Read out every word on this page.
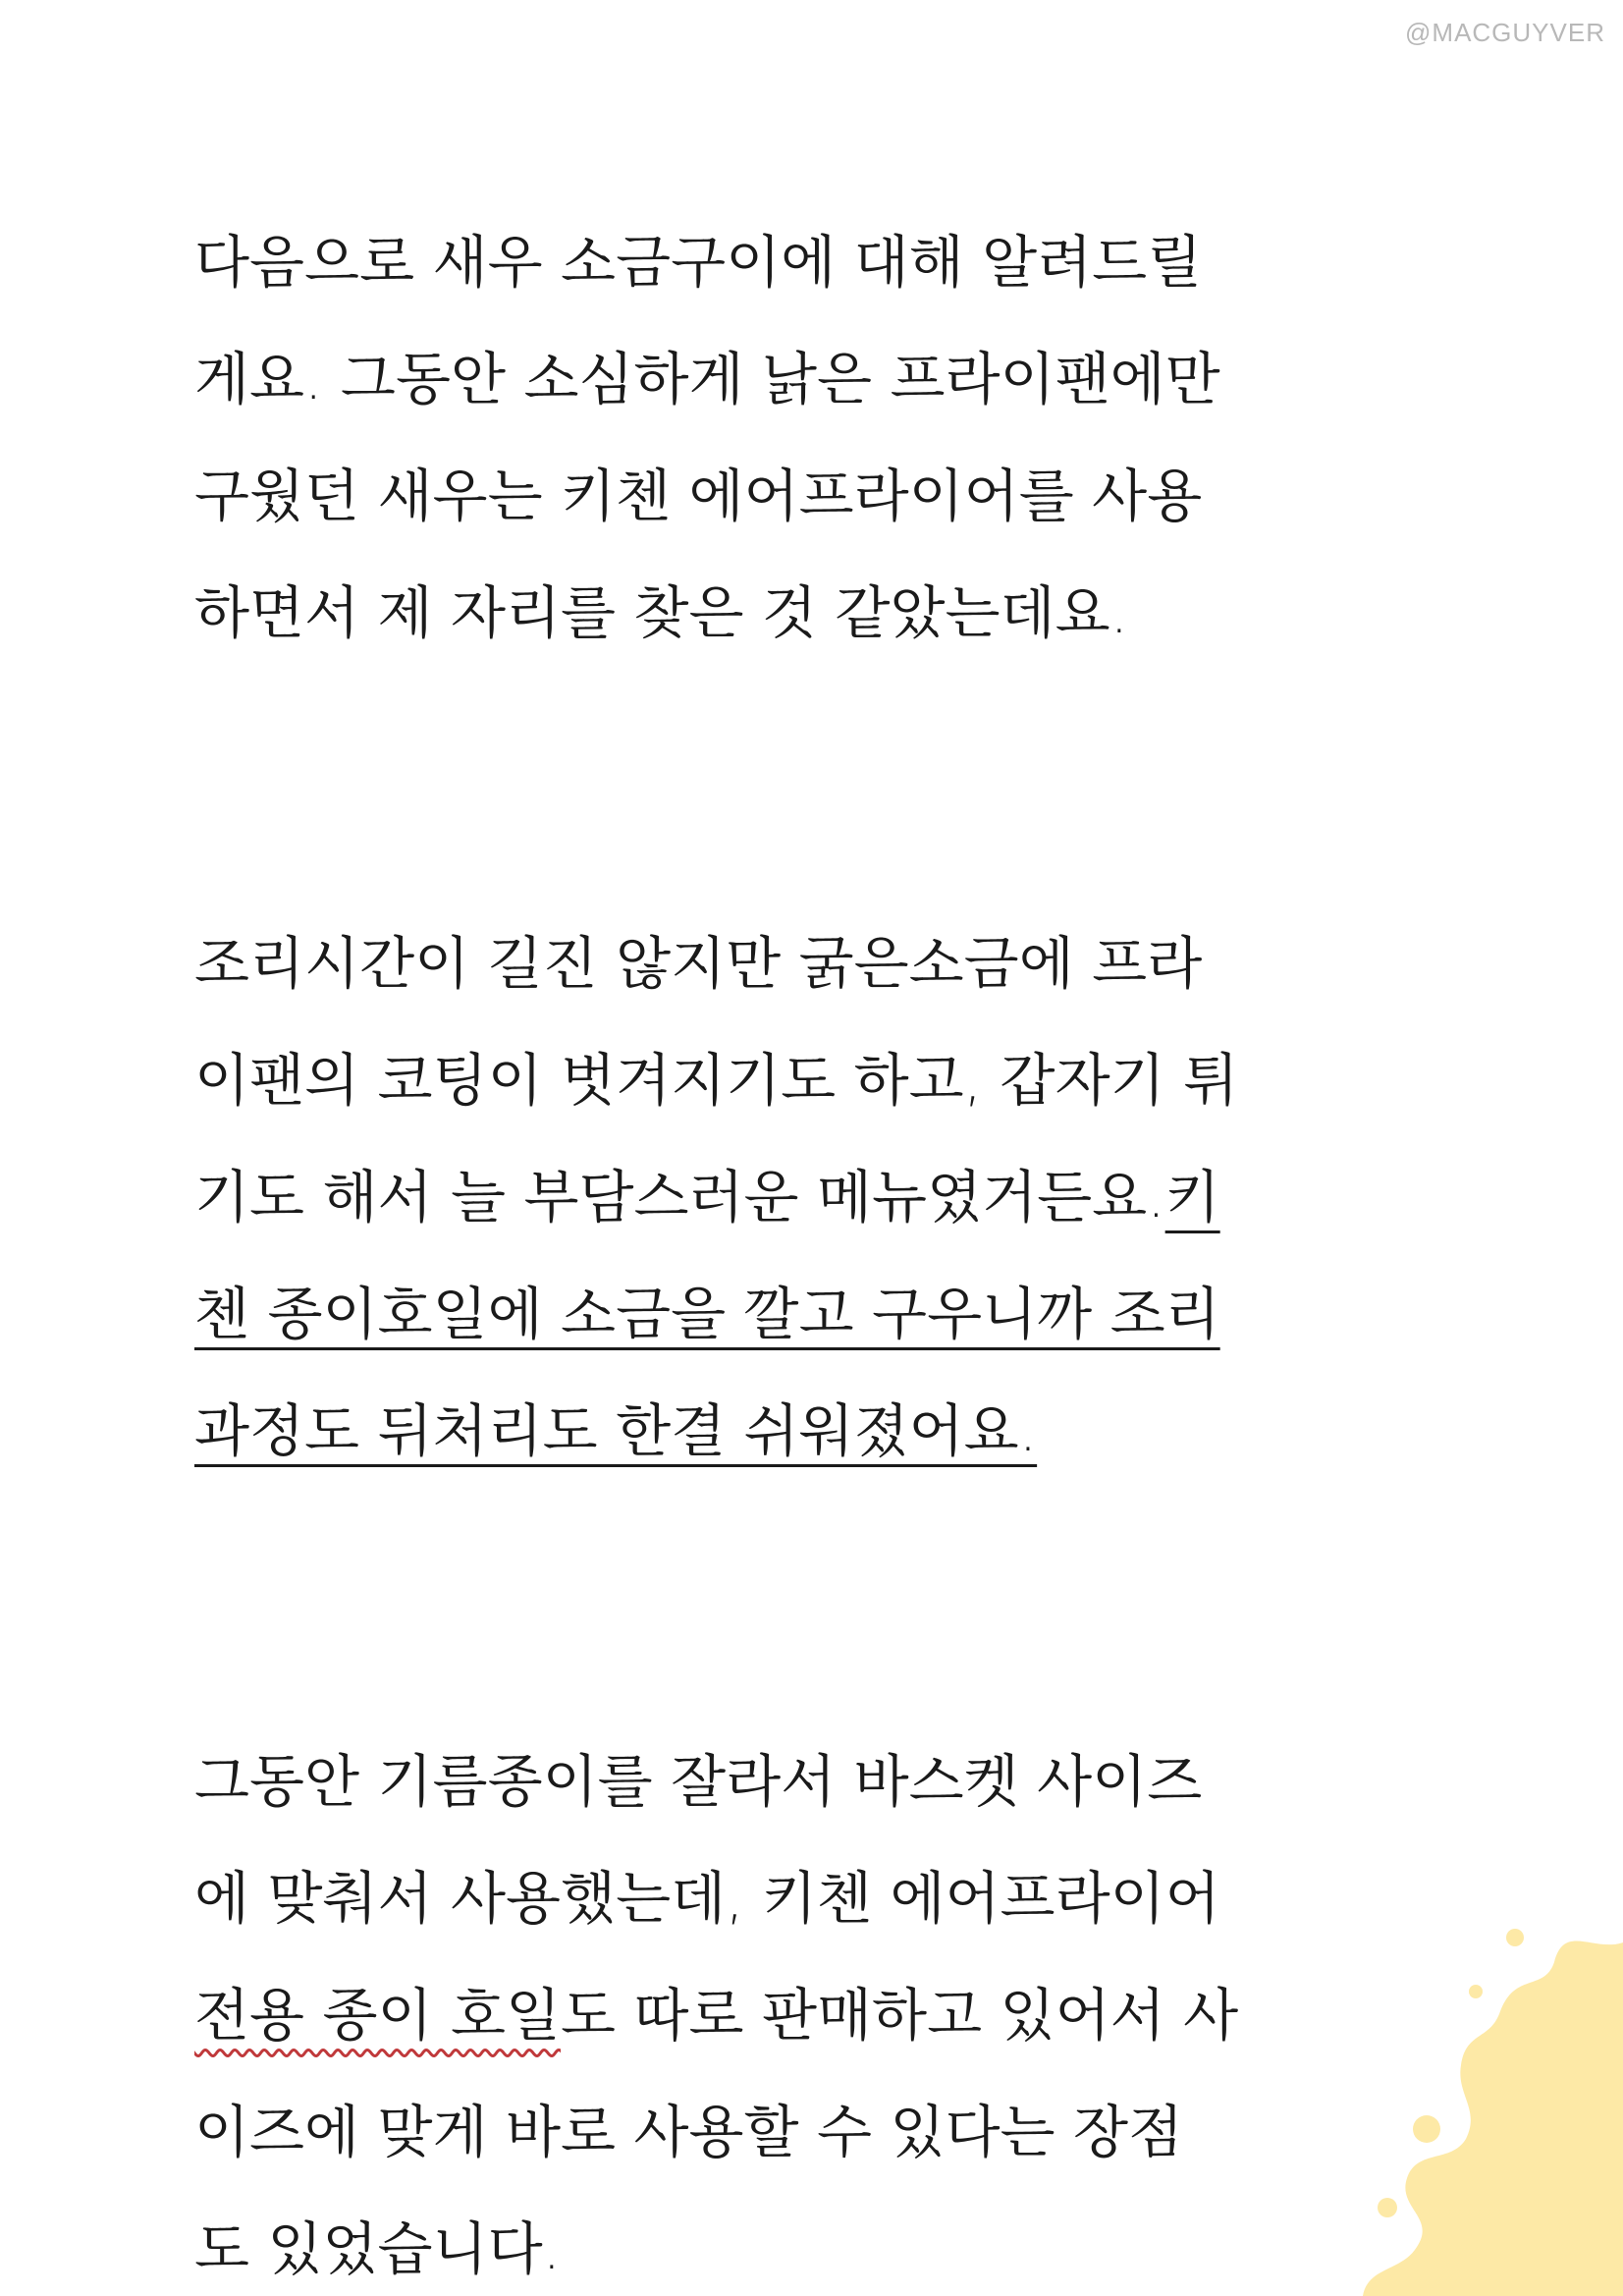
@MACGUYVER

다음으로 새우 소금구이에 대해 알려드릴
게요. 그동안 소심하게 낡은 프라이팬에만
구웠던 새우는 키첸 에어프라이어를 사용
하면서 제 자리를 찾은 것 같았는데요.

조리시간이 길진 않지만 굵은소금에 프라
이팬의 코팅이 벗겨지기도 하고, 갑자기 튀
기도 해서 늘 부담스러운 메뉴였거든요.키
첸 종이호일에 소금을 깔고 구우니까 조리
과정도 뒤처리도 한결 쉬워졌어요.

그동안 기름종이를 잘라서 바스켓 사이즈
에 맞춰서 사용했는데, 키첸 에어프라이어
전용 종이 호일도 따로 판매하고 있어서 사
이즈에 맞게 바로 사용할 수 있다는 장점
도 있었습니다.
